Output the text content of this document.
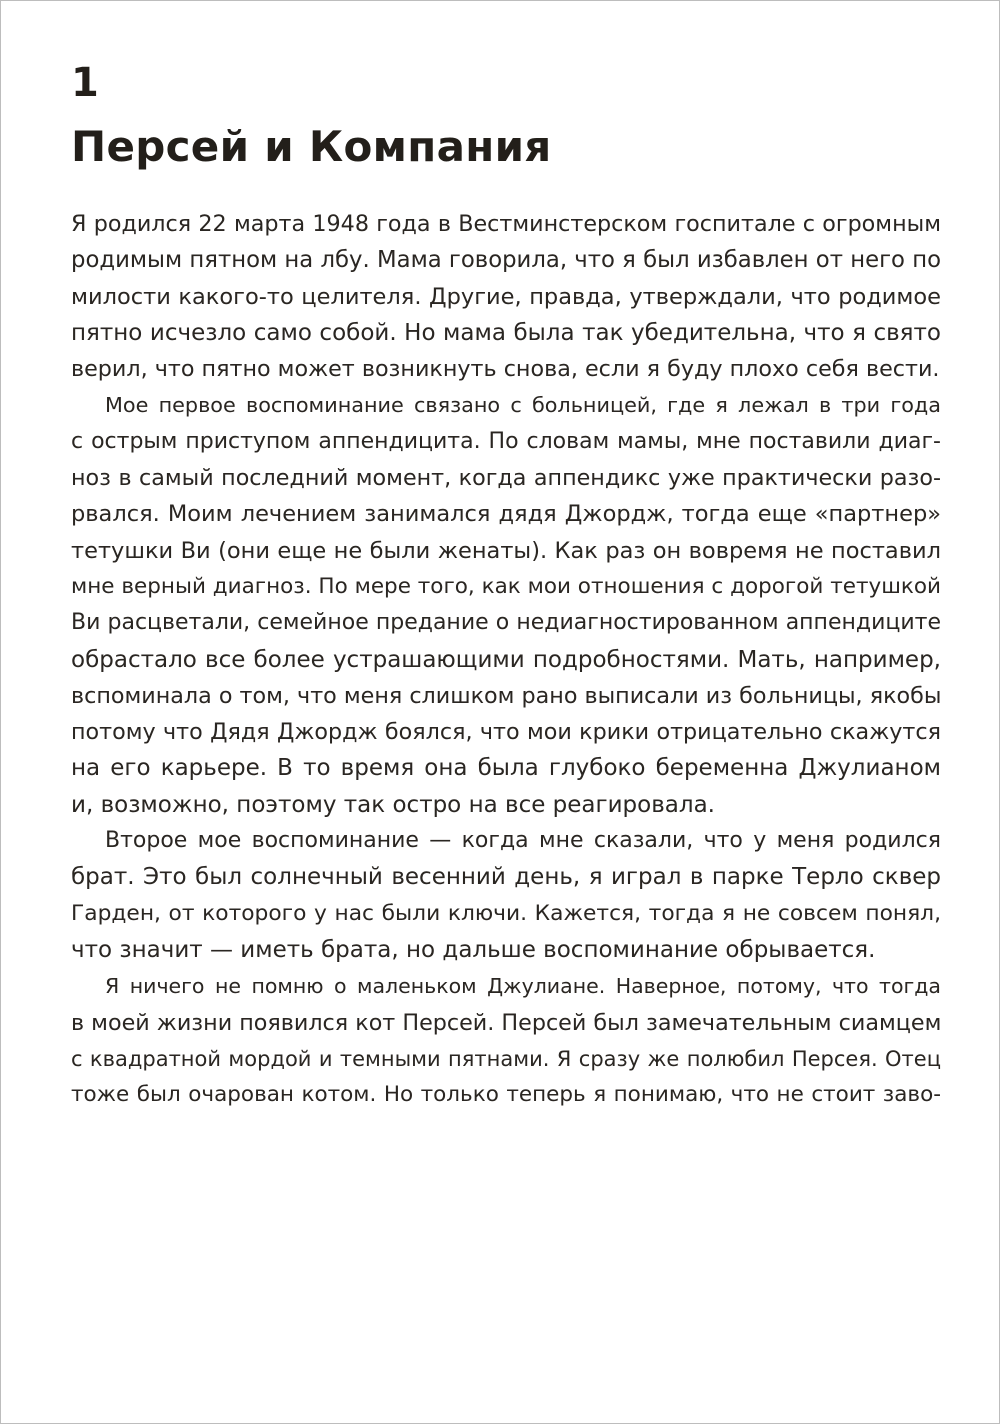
1
Персей и Компания
Я родился 22 марта 1948 года в Вестминстерском госпитале с огромным
родимым пятном на лбу. Мама говорила, что я был избавлен от него по
милости какого-то целителя. Другие, правда, утверждали, что родимое
пятно исчезло само собой. Но мама была так убедительна, что я свято
верил, что пятно может возникнуть снова, если я буду плохо себя вести.
Мое первое воспоминание связано с больницей, где я лежал в три года
с острым приступом аппендицита. По словам мамы, мне поставили диаг-
ноз в самый последний момент, когда аппендикс уже практически разо-
рвался. Моим лечением занимался дядя Джордж, тогда еще «партнер»
тетушки Ви (они еще не были женаты). Как раз он вовремя не поставил
мне верный диагноз. По мере того, как мои отношения с дорогой тетушкой
Ви расцветали, семейное предание о недиагностированном аппендиците
обрастало все более устрашающими подробностями. Мать, например,
вспоминала о том, что меня слишком рано выписали из больницы, якобы
потому что Дядя Джордж боялся, что мои крики отрицательно скажутся
на его карьере. В то время она была глубоко беременна Джулианом
и, возможно, поэтому так остро на все реагировала.
Второе мое воспоминание — когда мне сказали, что у меня родился
брат. Это был солнечный весенний день, я играл в парке Терло сквер
Гарден, от которого у нас были ключи. Кажется, тогда я не совсем понял,
что значит — иметь брата, но дальше воспоминание обрывается.
Я ничего не помню о маленьком Джулиане. Наверное, потому, что тогда
в моей жизни появился кот Персей. Персей был замечательным сиамцем
с квадратной мордой и темными пятнами. Я сразу же полюбил Персея. Отец
тоже был очарован котом. Но только теперь я понимаю, что не стоит заво-
